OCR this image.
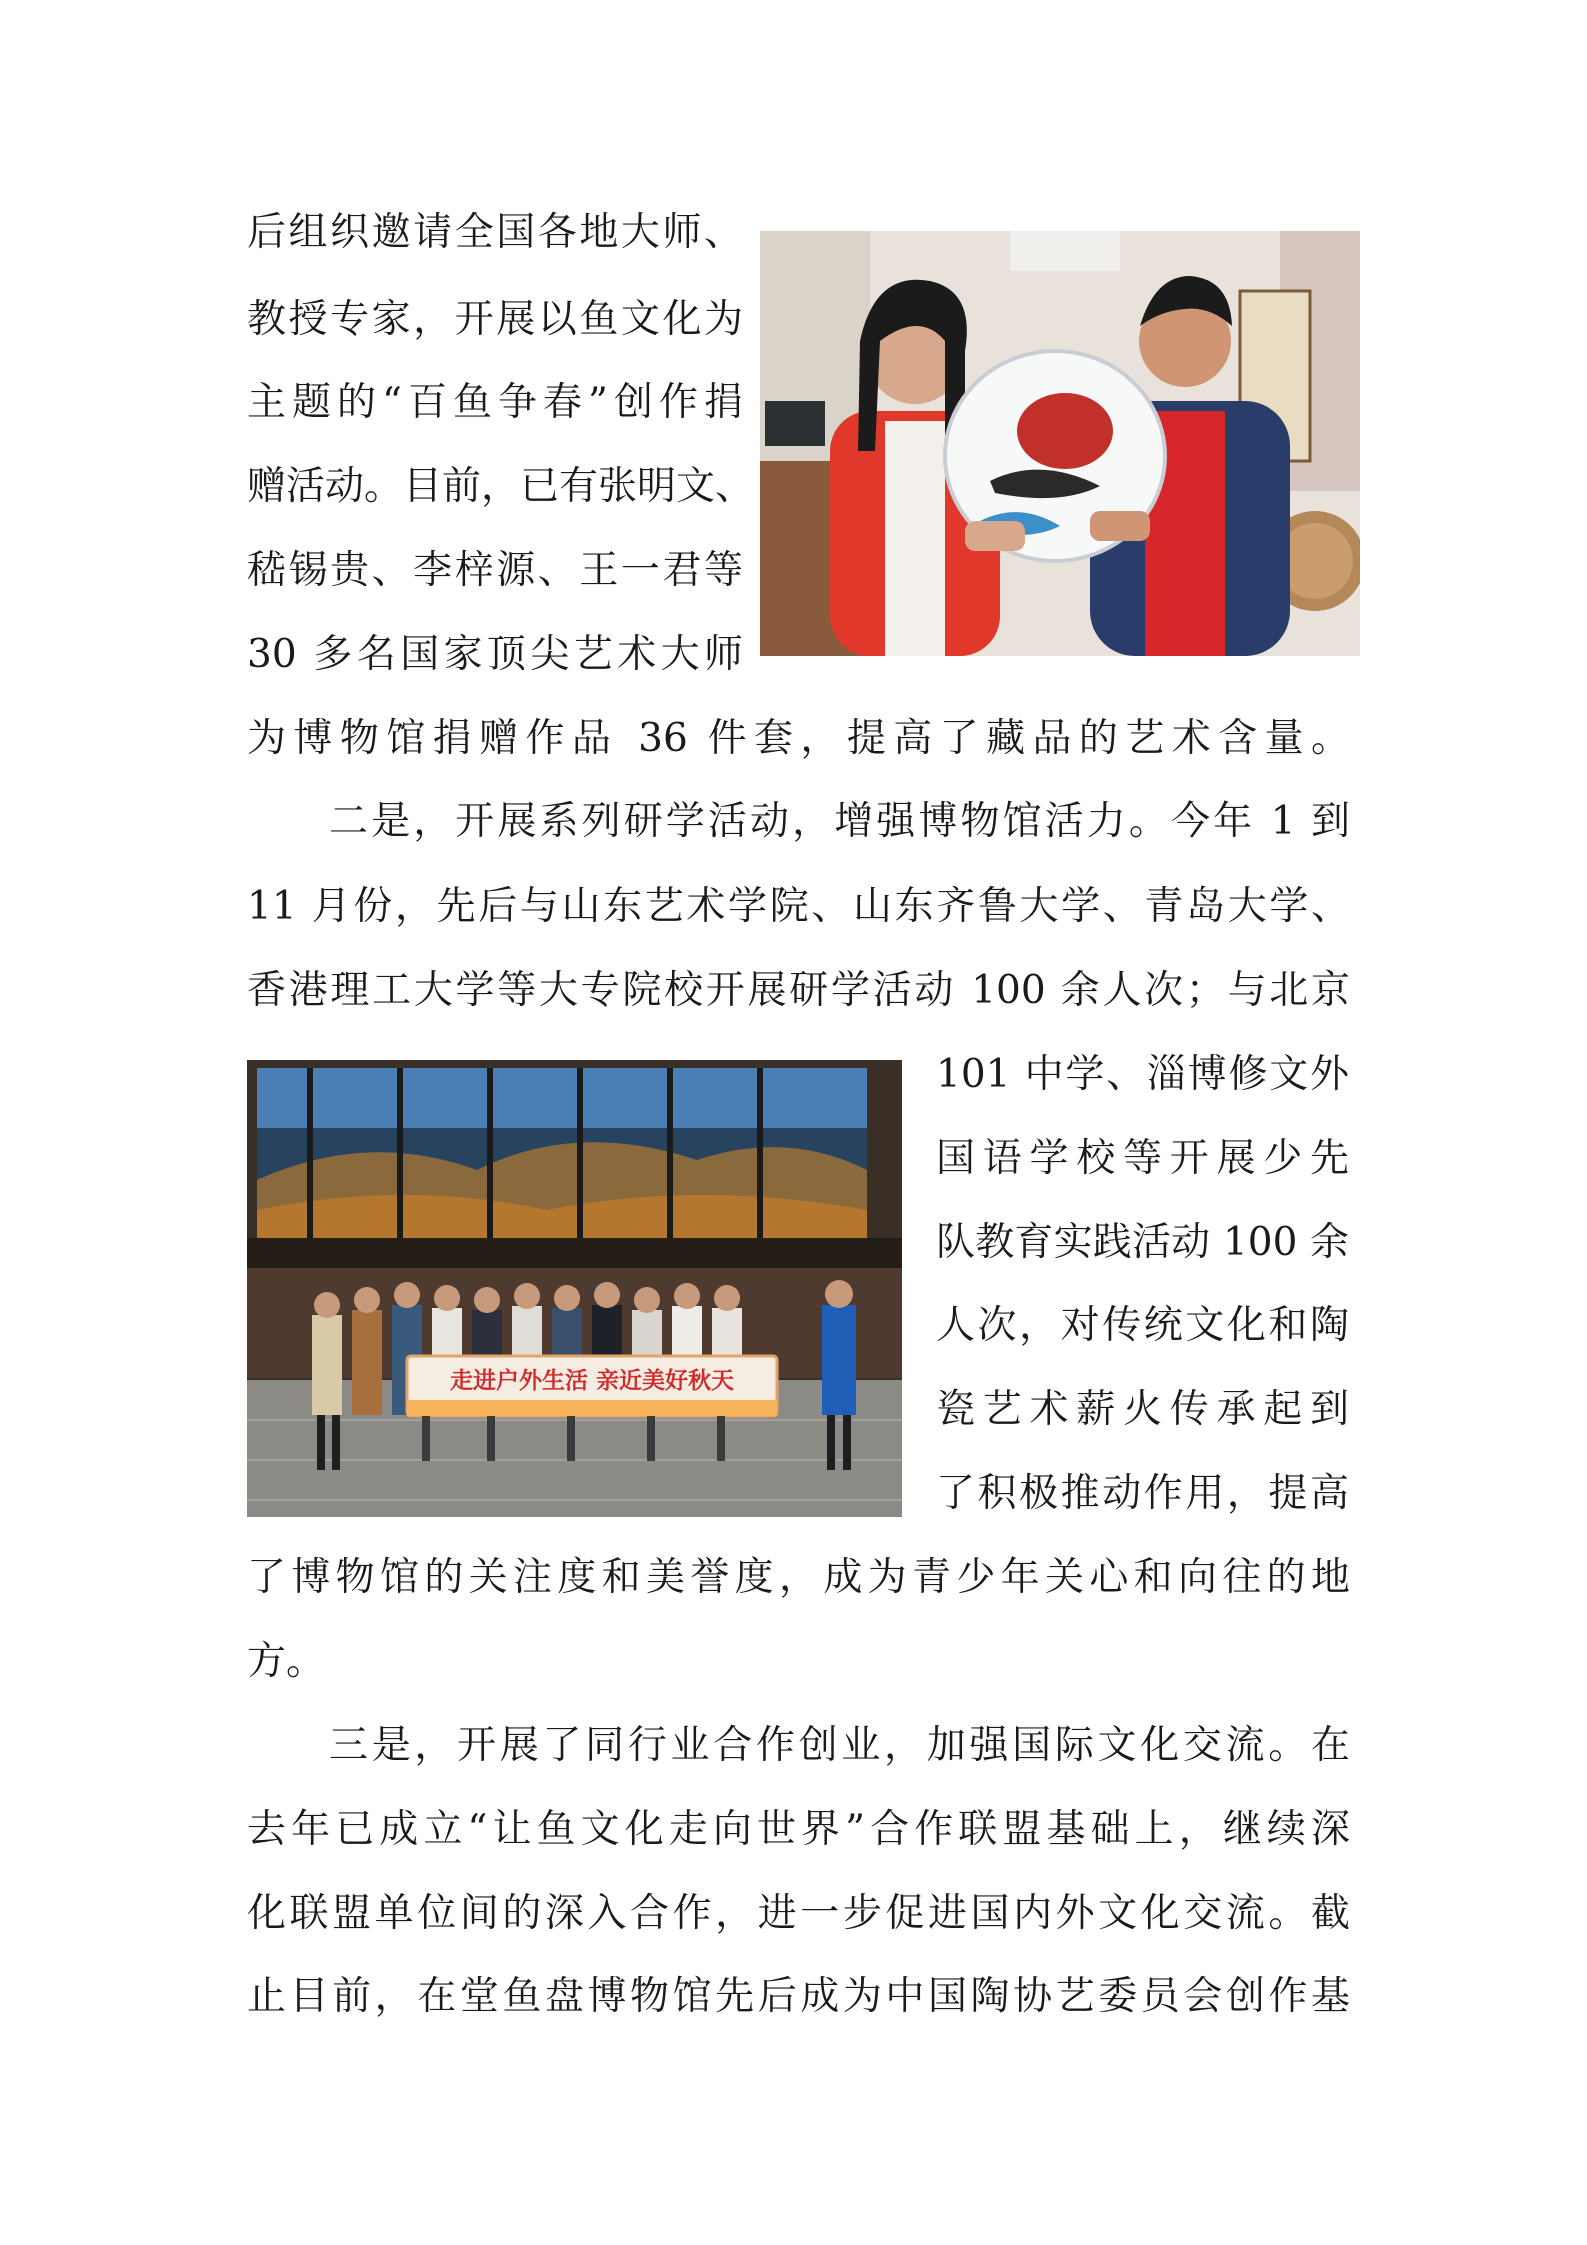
后组织邀请全国各地大师、
教授专家，开展以鱼文化为
主题的“百鱼争春”创作捐
赠活动。目前，已有张明文、
嵇锡贵、李梓源、王一君等
30 多名国家顶尖艺术大师
为博物馆捐赠作品 36 件套，提高了藏品的艺术含量。
二是，开展系列研学活动，增强博物馆活力。今年 1 到
11 月份，先后与山东艺术学院、山东齐鲁大学、青岛大学、
香港理工大学等大专院校开展研学活动 100 余人次；与北京
101 中学、淄博修文外
国语学校等开展少先
队教育实践活动 100 余
人次，对传统文化和陶
瓷艺术薪火传承起到
了积极推动作用，提高
了博物馆的关注度和美誉度，成为青少年关心和向往的地
方。
走进户外生活 亲近美好秋天
三是，开展了同行业合作创业，加强国际文化交流。在
去年已成立“让鱼文化走向世界”合作联盟基础上，继续深
化联盟单位间的深入合作，进一步促进国内外文化交流。截
止目前，在堂鱼盘博物馆先后成为中国陶协艺委员会创作基
